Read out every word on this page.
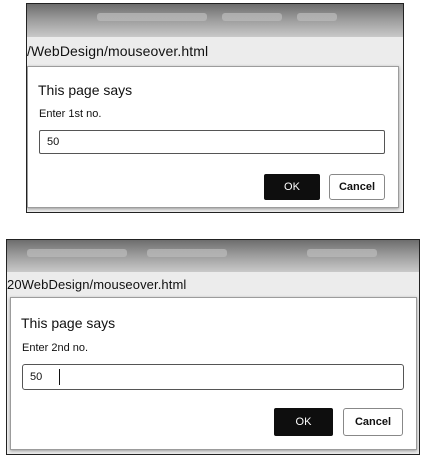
/WebDesign/mouseover.html
This page says
Enter 1st no.
50
OK	Cancel
20WebDesign/mouseover.html
This page says
Enter 2nd no.
50
OK	Cancel
